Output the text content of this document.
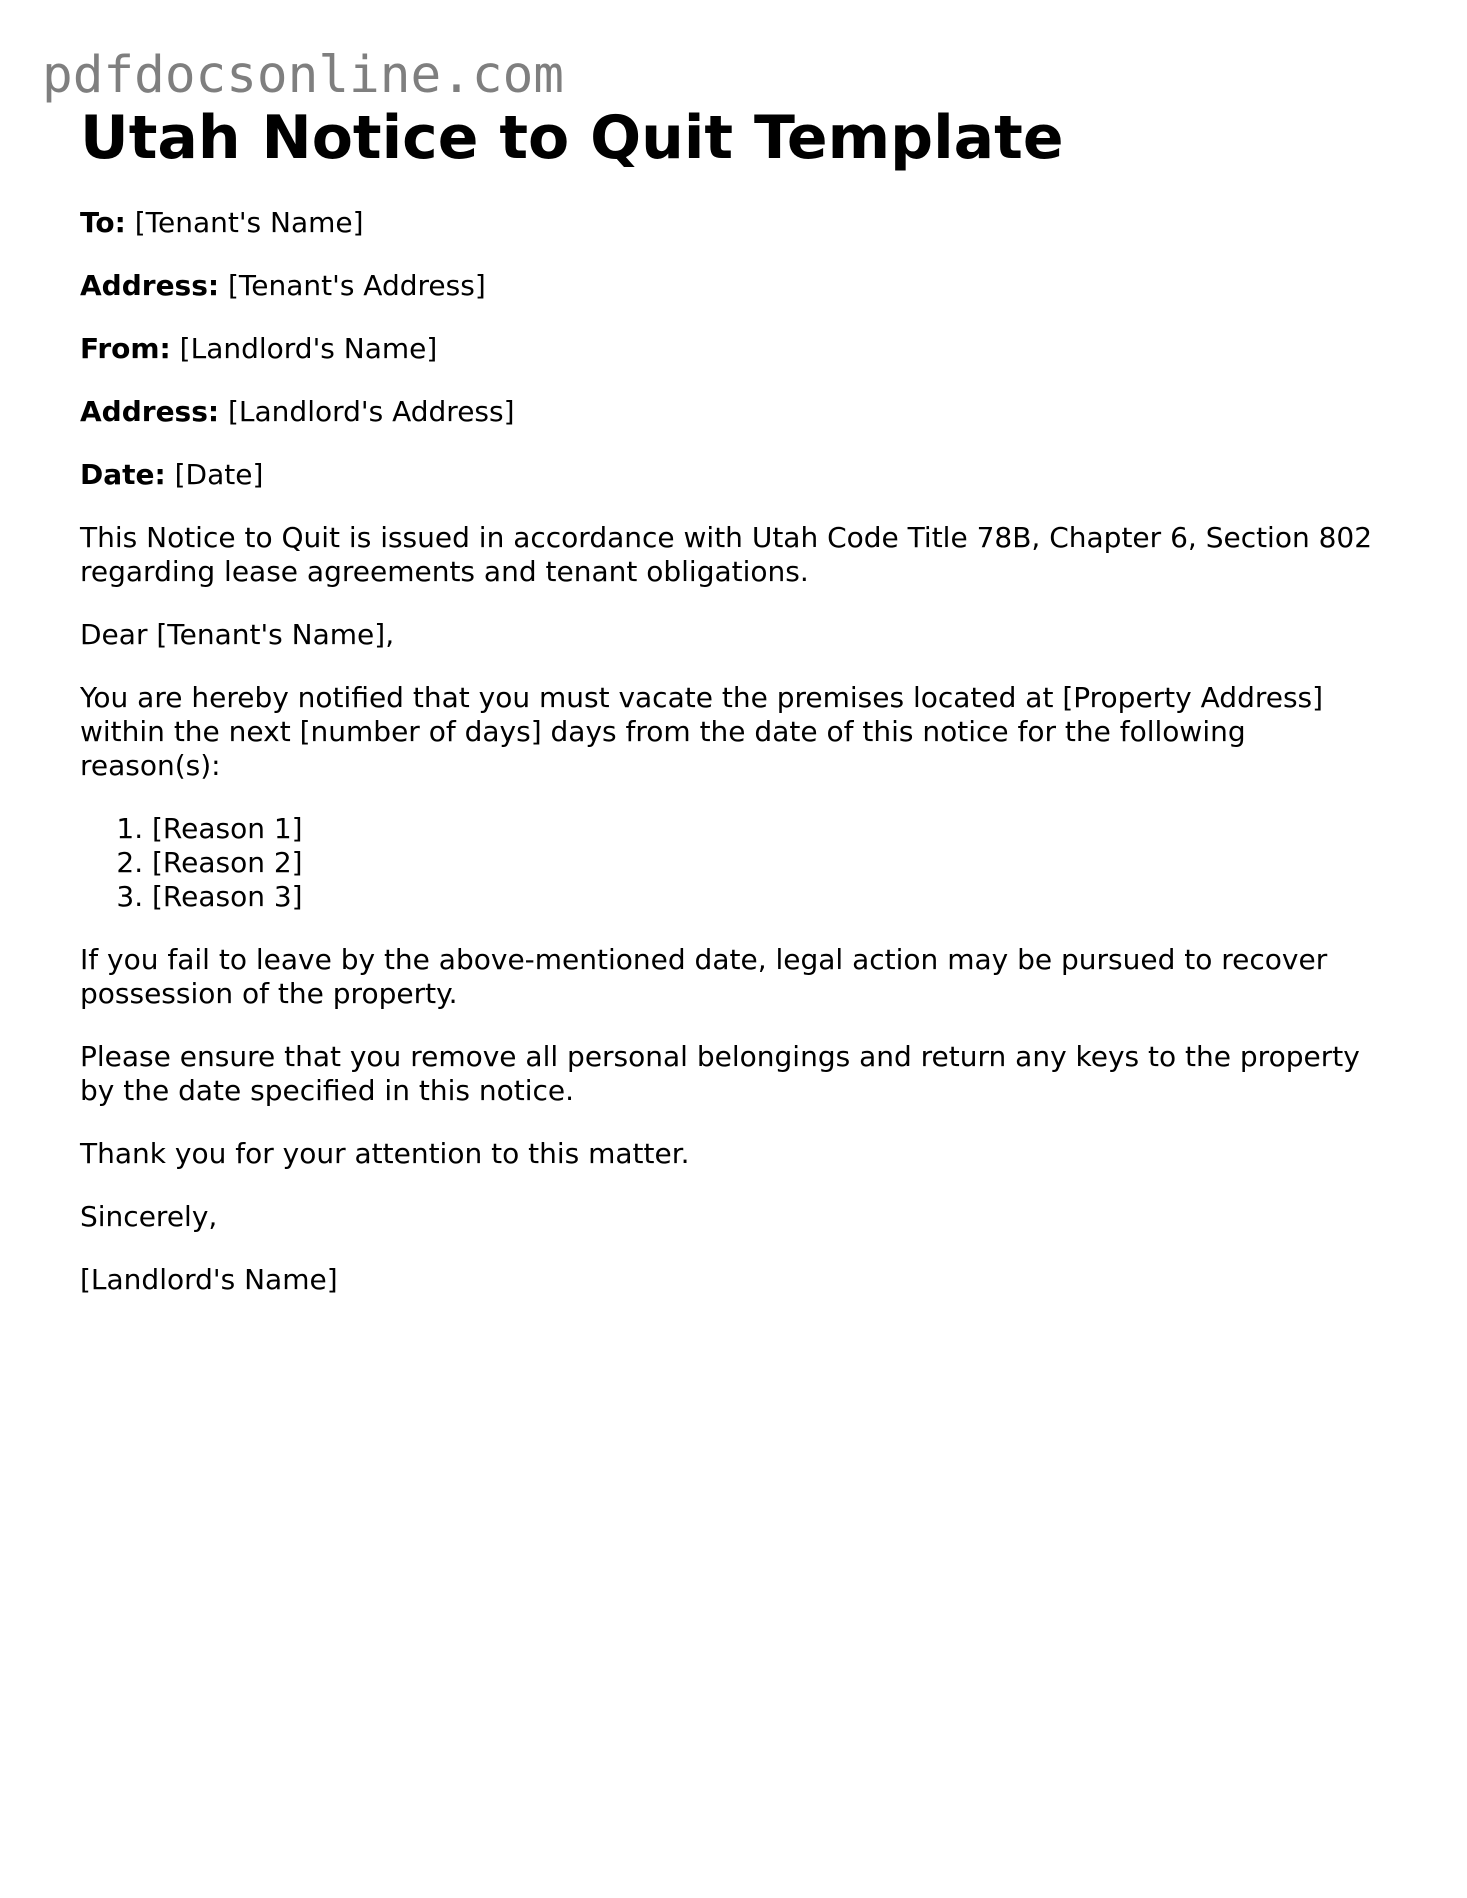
pdfdocsonline.com
Utah Notice to Quit Template

To: [Tenant's Name]

Address: [Tenant's Address]

From: [Landlord's Name]

Address: [Landlord's Address]

Date: [Date]

This Notice to Quit is issued in accordance with Utah Code Title 78B, Chapter 6, Section 802 regarding lease agreements and tenant obligations.

Dear [Tenant's Name],

You are hereby notified that you must vacate the premises located at [Property Address] within the next [number of days] days from the date of this notice for the following reason(s):

1. [Reason 1]
2. [Reason 2]
3. [Reason 3]

If you fail to leave by the above-mentioned date, legal action may be pursued to recover possession of the property.

Please ensure that you remove all personal belongings and return any keys to the property by the date specified in this notice.

Thank you for your attention to this matter.

Sincerely,

[Landlord's Name]
